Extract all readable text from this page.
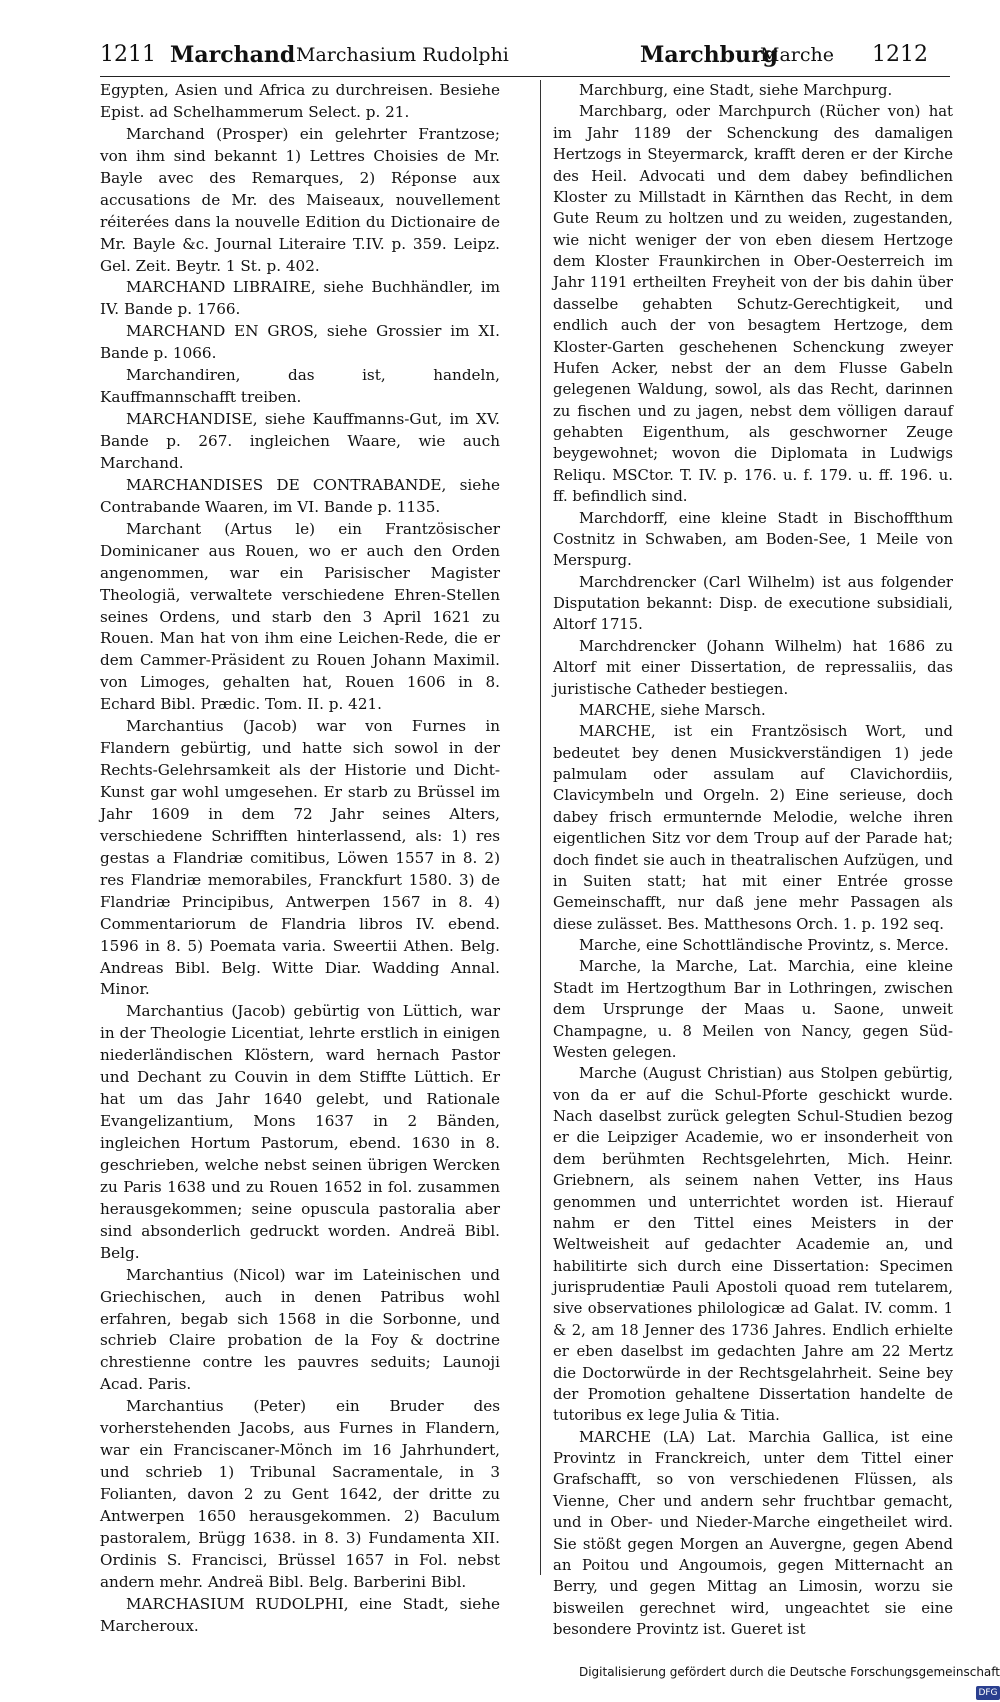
1211 Marchand Marchasium Rudolphi	Marchburg
Marche 1212

Egypten, Asien und Africa zu durchreisen. Besiehe Epist. ad Schelhammerum Select. p. 21.

Marchand (Prosper) ein gelehrter Frantzose; von ihm sind bekannt 1) Lettres Choisies de Mr. Bayle avec des Remarques, 2) Réponse aux accusations de Mr. des Maiseaux, nouvellement réiterées dans la nouvelle Edition du Dictionaire de Mr. Bayle &c. Journal Literaire T.IV. p. 359. Leipz. Gel. Zeit. Beytr. 1 St. p. 402.

MARCHAND LIBRAIRE, siehe Buchhändler, im IV. Bande p. 1766.

MARCHAND EN GROS, siehe Grossier im XI. Bande p. 1066.

Marchandiren, das ist, handeln, Kauffmannschafft treiben.

MARCHANDISE, siehe Kauffmanns-Gut, im XV. Bande p. 267. ingleichen Waare, wie auch Marchand.

MARCHANDISES DE CONTRABANDE, siehe Contrabande Waaren, im VI. Bande p. 1135.

Marchant (Artus le) ein Frantzösischer Dominicaner aus Rouen, wo er auch den Orden angenommen, war ein Parisischer Magister Theologiä, verwaltete verschiedene Ehren-Stellen seines Ordens, und starb den 3 April 1621 zu Rouen. Man hat von ihm eine Leichen-Rede, die er dem Cammer-Präsident zu Rouen Johann Maximil. von Limoges, gehalten hat, Rouen 1606 in 8. Echard Bibl. Prædic. Tom. II. p. 421.

Marchantius (Jacob) war von Furnes in Flandern gebürtig, und hatte sich sowol in der Rechts-Gelehrsamkeit als der Historie und Dicht-Kunst gar wohl umgesehen. Er starb zu Brüssel im Jahr 1609 in dem 72 Jahr seines Alters, verschiedene Schrifften hinterlassend, als: 1) res gestas a Flandriæ comitibus, Löwen 1557 in 8. 2) res Flandriæ memorabiles, Franckfurt 1580. 3) de Flandriæ Principibus, Antwerpen 1567 in 8. 4) Commentariorum de Flandria libros IV. ebend. 1596 in 8. 5) Poemata varia. Sweertii Athen. Belg. Andreas Bibl. Belg. Witte Diar. Wadding Annal. Minor.

Marchantius (Jacob) gebürtig von Lüttich, war in der Theologie Licentiat, lehrte erstlich in einigen niederländischen Klöstern, ward hernach Pastor und Dechant zu Couvin in dem Stiffte Lüttich. Er hat um das Jahr 1640 gelebt, und Rationale Evangelizantium, Mons 1637 in 2 Bänden, ingleichen Hortum Pastorum, ebend. 1630 in 8. geschrieben, welche nebst seinen übrigen Wercken zu Paris 1638 und zu Rouen 1652 in fol. zusammen herausgekommen; seine opuscula pastoralia aber sind absonderlich gedruckt worden. Andreä Bibl. Belg.

Marchantius (Nicol) war im Lateinischen und Griechischen, auch in denen Patribus wohl erfahren, begab sich 1568 in die Sorbonne, und schrieb Claire probation de la Foy & doctrine chrestienne contre les pauvres seduits; Launoji Acad. Paris.

Marchantius (Peter) ein Bruder des vorherstehenden Jacobs, aus Furnes in Flandern, war ein Franciscaner-Mönch im 16 Jahrhundert, und schrieb 1) Tribunal Sacramentale, in 3 Folianten, davon 2 zu Gent 1642, der dritte zu Antwerpen 1650 herausgekommen. 2) Baculum pastoralem, Brügg 1638. in 8. 3) Fundamenta XII. Ordinis S. Francisci, Brüssel 1657 in Fol. nebst andern mehr. Andreä Bibl. Belg. Barberini Bibl.

MARCHASIUM RUDOLPHI, eine Stadt, siehe Marcheroux.

Marchburg, eine Stadt, siehe Marchpurg.

Marchbarg, oder Marchpurch (Rücher von) hat im Jahr 1189 der Schenckung des damaligen Hertzogs in Steyermarck, krafft deren er der Kirche des Heil. Advocati und dem dabey befindlichen Kloster zu Millstadt in Kärnthen das Recht, in dem Gute Reum zu holtzen und zu weiden, zugestanden, wie nicht weniger der von eben diesem Hertzoge dem Kloster Fraunkirchen in Ober-Oesterreich im Jahr 1191 ertheilten Freyheit von der bis dahin über dasselbe gehabten Schutz-Gerechtigkeit, und endlich auch der von besagtem Hertzoge, dem Kloster-Garten geschehenen Schenckung zweyer Hufen Acker, nebst der an dem Flusse Gabeln gelegenen Waldung, sowol, als das Recht, darinnen zu fischen und zu jagen, nebst dem völligen darauf gehabten Eigenthum, als geschworner Zeuge beygewohnet; wovon die Diplomata in Ludwigs Reliqu. MSCtor. T. IV. p. 176. u. f. 179. u. ff. 196. u. ff. befindlich sind.

Marchdorff, eine kleine Stadt in Bischoffthum Costnitz in Schwaben, am Boden-See, 1 Meile von Merspurg.

Marchdrencker (Carl Wilhelm) ist aus folgender Disputation bekannt: Disp. de executione subsidiali, Altorf 1715.

Marchdrencker (Johann Wilhelm) hat 1686 zu Altorf mit einer Dissertation, de repressaliis, das juristische Catheder bestiegen.

MARCHE, siehe Marsch.

MARCHE, ist ein Frantzösisch Wort, und bedeutet bey denen Musickverständigen 1) jede palmulam oder assulam auf Clavichordiis, Clavicymbeln und Orgeln. 2) Eine serieuse, doch dabey frisch ermunternde Melodie, welche ihren eigentlichen Sitz vor dem Troup auf der Parade hat; doch findet sie auch in theatralischen Aufzügen, und in Suiten statt; hat mit einer Entrée grosse Gemeinschafft, nur daß jene mehr Passagen als diese zulässet. Bes. Matthesons Orch. 1. p. 192 seq.

Marche, eine Schottländische Provintz, s. Merce.

Marche, la Marche, Lat. Marchia, eine kleine Stadt im Hertzogthum Bar in Lothringen, zwischen dem Ursprunge der Maas u. Saone, unweit Champagne, u. 8 Meilen von Nancy, gegen Süd-Westen gelegen.

Marche (August Christian) aus Stolpen gebürtig, von da er auf die Schul-Pforte geschickt wurde. Nach daselbst zurück gelegten Schul-Studien bezog er die Leipziger Academie, wo er insonderheit von dem berühmten Rechtsgelehrten, Mich. Heinr. Griebnern, als seinem nahen Vetter, ins Haus genommen und unterrichtet worden ist. Hierauf nahm er den Tittel eines Meisters in der Weltweisheit auf gedachter Academie an, und habilitirte sich durch eine Dissertation: Specimen jurisprudentiæ Pauli Apostoli quoad rem tutelarem, sive observationes philologicæ ad Galat. IV. comm. 1 & 2, am 18 Jenner des 1736 Jahres. Endlich erhielte er eben daselbst im gedachten Jahre am 22 Mertz die Doctorwürde in der Rechtsgelahrheit. Seine bey der Promotion gehaltene Dissertation handelte de tutoribus ex lege Julia & Titia.

MARCHE (LA) Lat. Marchia Gallica, ist eine Provintz in Franckreich, unter dem Tittel einer Grafschafft, so von verschiedenen Flüssen, als Vienne, Cher und andern sehr fruchtbar gemacht, und in Ober- und Nieder-Marche eingetheilet wird. Sie stößt gegen Morgen an Auvergne, gegen Abend an Poitou und Angoumois, gegen Mitternacht an Berry, und gegen Mittag an Limosin, worzu sie bisweilen gerechnet wird, ungeachtet sie eine besondere Provintz ist. Gueret ist

Digitalisierung gefördert durch die Deutsche ForschungsgemeinschaftDFG
